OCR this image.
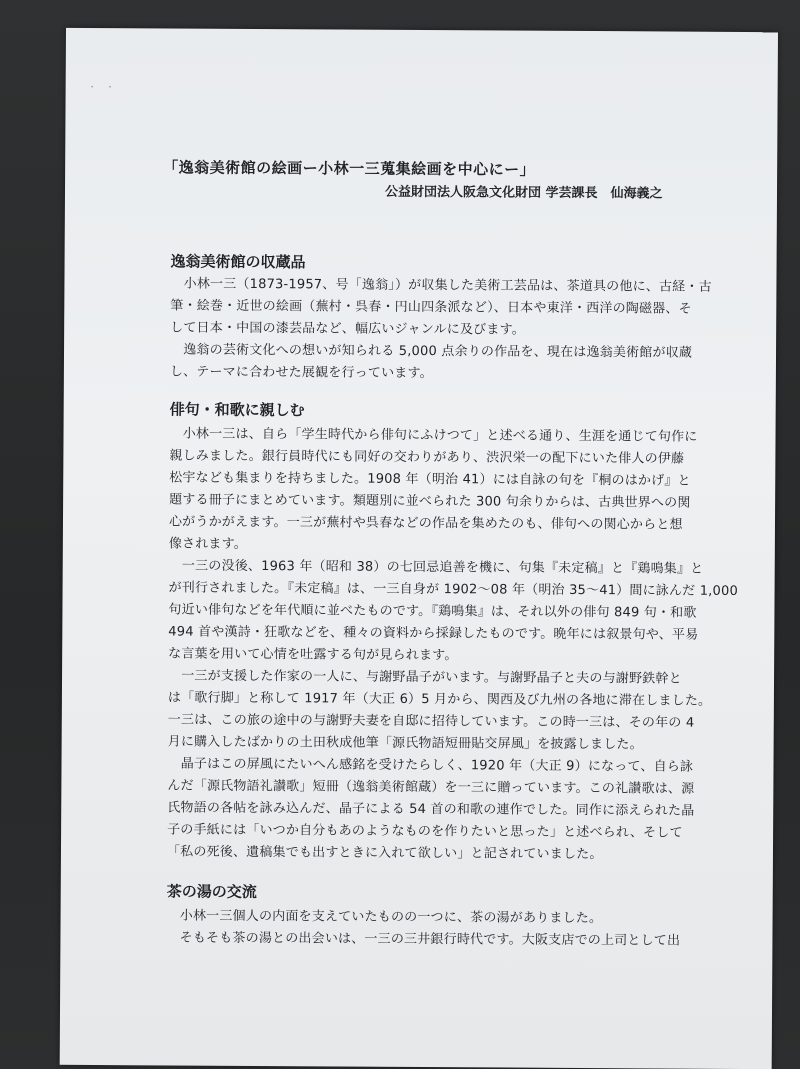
・ ・
「逸翁美術館の絵画ー小林一三蒐集絵画を中心にー」
公益財団法人阪急文化財団 学芸課長　仙海義之
逸翁美術館の収蔵品
　小林一三（1873-1957、号「逸翁」）が収集した美術工芸品は、茶道具の他に、古経・古
筆・絵巻・近世の絵画（蕪村・呉春・円山四条派など）、日本や東洋・西洋の陶磁器、そ
して日本・中国の漆芸品など、幅広いジャンルに及びます。
　逸翁の芸術文化への想いが知られる 5,000 点余りの作品を、現在は逸翁美術館が収蔵
し、テーマに合わせた展観を行っています。
俳句・和歌に親しむ
　小林一三は、自ら「学生時代から俳句にふけつて」と述べる通り、生涯を通じて句作に
親しみました。銀行員時代にも同好の交わりがあり、渋沢栄一の配下にいた俳人の伊藤
松宇なども集まりを持ちました。1908 年（明治 41）には自詠の句を『桐のはかげ』と
題する冊子にまとめています。類題別に並べられた 300 句余りからは、古典世界への関
心がうかがえます。一三が蕪村や呉春などの作品を集めたのも、俳句への関心からと想
像されます。
　一三の没後、1963 年（昭和 38）の七回忌追善を機に、句集『未定稿』と『鶏鳴集』と
が刊行されました。『未定稿』は、一三自身が 1902～08 年（明治 35～41）間に詠んだ 1,000
句近い俳句などを年代順に並べたものです。『鶏鳴集』は、それ以外の俳句 849 句・和歌
494 首や漢詩・狂歌などを、種々の資料から採録したものです。晩年には叙景句や、平易
な言葉を用いて心情を吐露する句が見られます。
　一三が支援した作家の一人に、与謝野晶子がいます。与謝野晶子と夫の与謝野鉄幹と
は「歌行脚」と称して 1917 年（大正 6）5 月から、関西及び九州の各地に滞在しました。
一三は、この旅の途中の与謝野夫妻を自邸に招待しています。この時一三は、その年の 4
月に購入したばかりの土田秋成他筆「源氏物語短冊貼交屏風」を披露しました。
　晶子はこの屏風にたいへん感銘を受けたらしく、1920 年（大正 9）になって、自ら詠
んだ「源氏物語礼讃歌」短冊（逸翁美術館蔵）を一三に贈っています。この礼讃歌は、源
氏物語の各帖を詠み込んだ、晶子による 54 首の和歌の連作でした。同作に添えられた晶
子の手紙には「いつか自分もあのようなものを作りたいと思った」と述べられ、そして
「私の死後、遺稿集でも出すときに入れて欲しい」と記されていました。
茶の湯の交流
　小林一三個人の内面を支えていたものの一つに、茶の湯がありました。
　そもそも茶の湯との出会いは、一三の三井銀行時代です。大阪支店での上司として出
